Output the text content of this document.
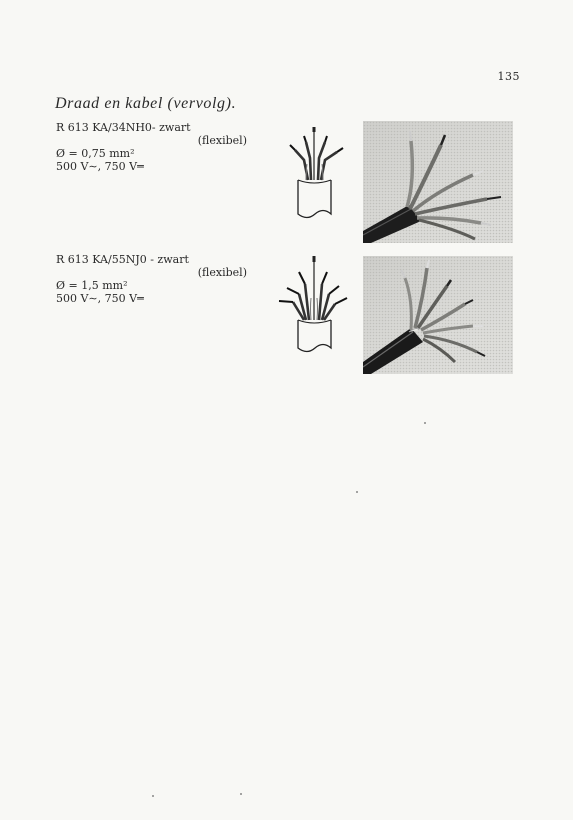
135
Draad en kabel (vervolg).
R 613 KA/34NH0- zwart
(flexibel)
Ø = 0,75 mm²
500 V∼, 750 V═
R 613 KA/55NJ0 - zwart
(flexibel)
Ø = 1,5 mm²
500 V∼, 750 V═
